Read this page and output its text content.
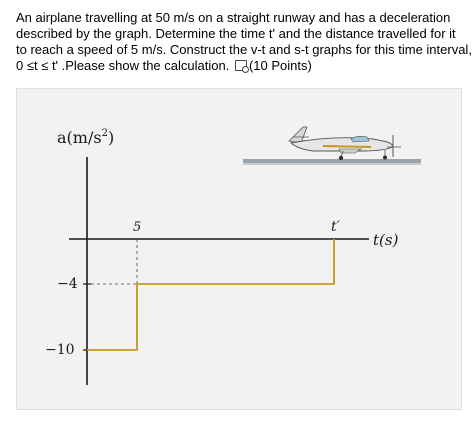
An airplane travelling at 50 m/s on a straight runway and has a deceleration
described by the graph. Determine the time t' and the distance travelled for it
to reach a speed of 5 m/s. Construct the v-t and s-t graphs for this time interval,
0 ≤t ≤ t' .Please show the calculation. (10 Points)
$a(m/s^2)$
t(s)
5	t′
−4
−10
